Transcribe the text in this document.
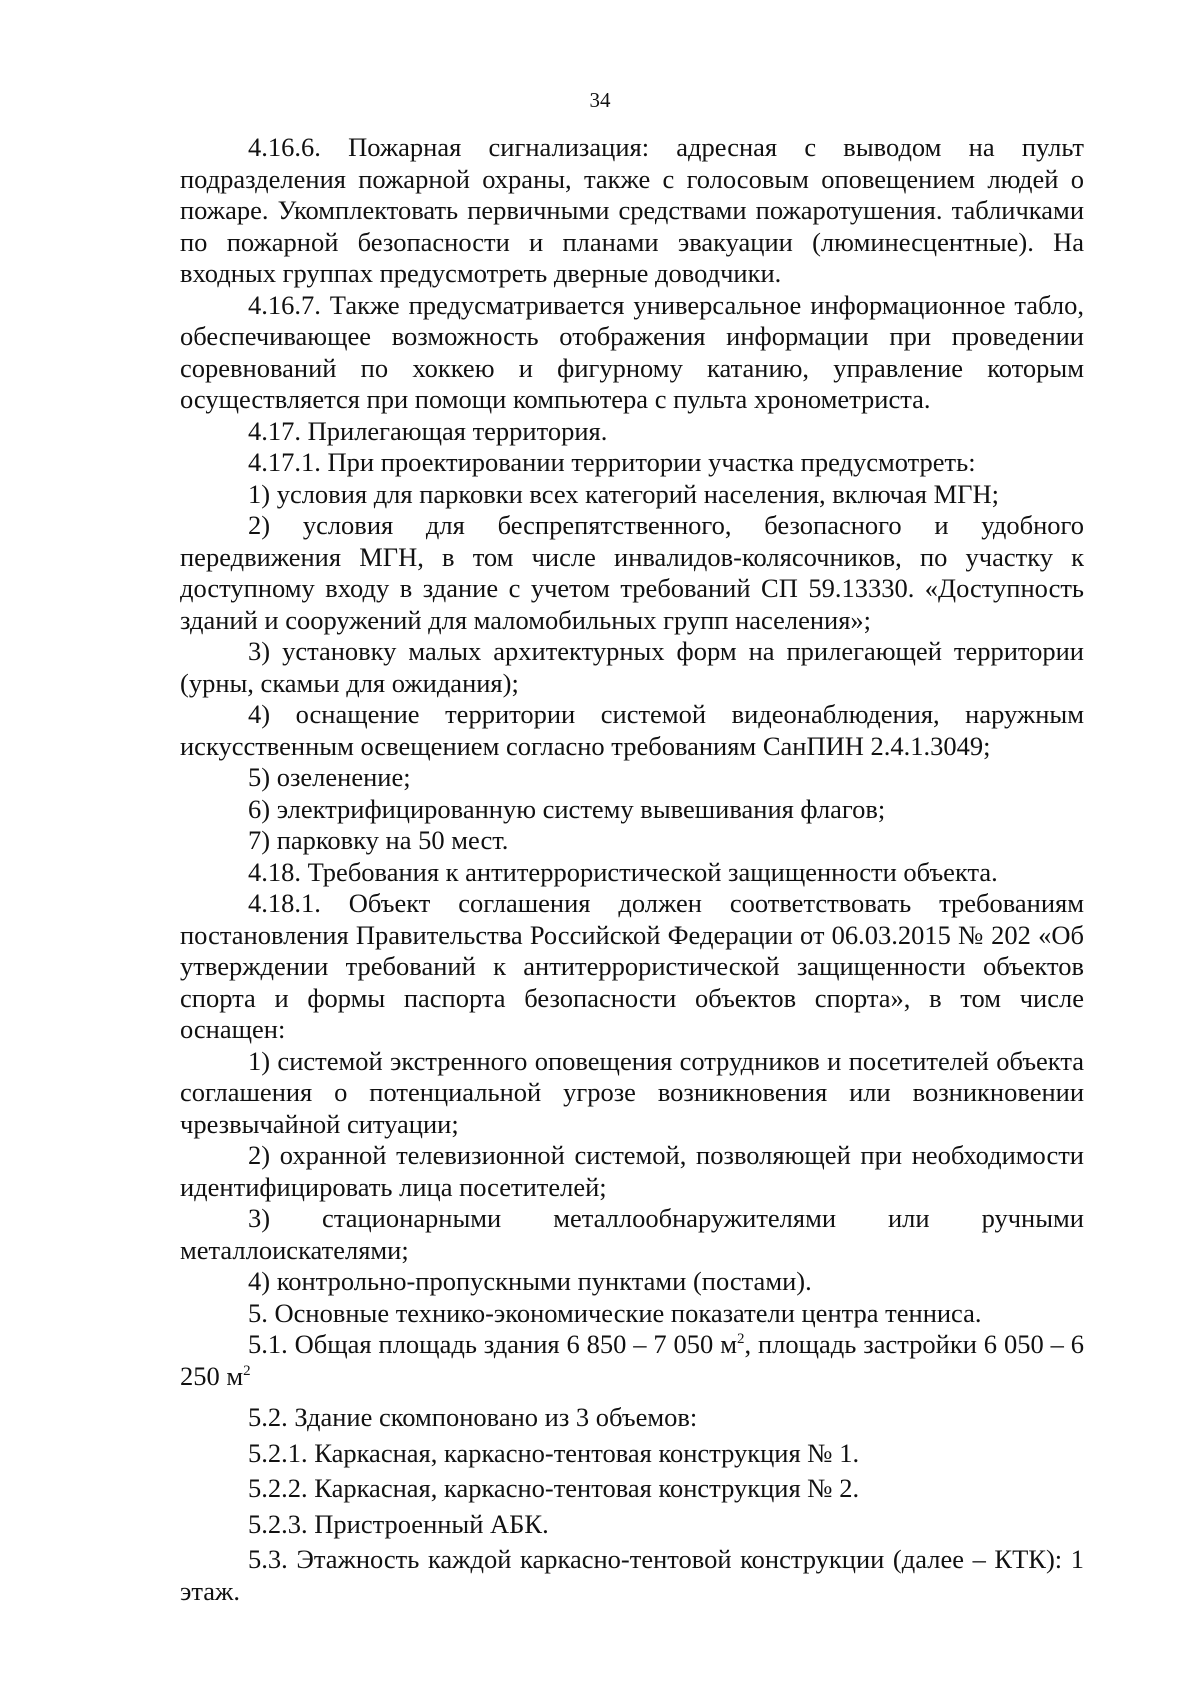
34

4.16.6. Пожарная сигнализация: адресная с выводом на пульт подразделения пожарной охраны, также с голосовым оповещением людей о пожаре. Укомплектовать первичными средствами пожаротушения. табличками по пожарной безопасности и планами эвакуации (люминесцентные). На входных группах предусмотреть дверные доводчики.

4.16.7. Также предусматривается универсальное информационное табло, обеспечивающее возможность отображения информации при проведении соревнований по хоккею и фигурному катанию, управление которым осуществляется при помощи компьютера с пульта хронометриста.

4.17. Прилегающая территория.

4.17.1. При проектировании территории участка предусмотреть:

1) условия для парковки всех категорий населения, включая МГН;

2) условия для беспрепятственного, безопасного и удобного передвижения МГН, в том числе инвалидов-колясочников, по участку к доступному входу в здание с учетом требований СП 59.13330. «Доступность зданий и сооружений для маломобильных групп населения»;

3) установку малых архитектурных форм на прилегающей территории (урны, скамьи для ожидания);

4) оснащение территории системой видеонаблюдения, наружным искусственным освещением согласно требованиям СанПИН 2.4.1.3049;

5) озеленение;

6) электрифицированную систему вывешивания флагов;

7) парковку на 50 мест.

4.18. Требования к антитеррористической защищенности объекта.

4.18.1. Объект соглашения должен соответствовать требованиям постановления Правительства Российской Федерации от 06.03.2015 № 202 «Об утверждении требований к антитеррористической защищенности объектов спорта и формы паспорта безопасности объектов спорта», в том числе оснащен:

1) системой экстренного оповещения сотрудников и посетителей объекта соглашения о потенциальной угрозе возникновения или возникновении чрезвычайной ситуации;

2) охранной телевизионной системой, позволяющей при необходимости идентифицировать лица посетителей;

3) стационарными металлообнаружителями или ручными металлоискателями;

4) контрольно-пропускными пунктами (постами).

5. Основные технико-экономические показатели центра тенниса.

5.1. Общая площадь здания 6 850 – 7 050 $м^2$, площадь застройки 6 050 – 6 250 $м^2$

5.2. Здание скомпоновано из 3 объемов:

5.2.1. Каркасная, каркасно-тентовая конструкция № 1.

5.2.2. Каркасная, каркасно-тентовая конструкция № 2.

5.2.3. Пристроенный АБК.

5.3. Этажность каждой каркасно-тентовой конструкции (далее – КТК): 1 этаж.
